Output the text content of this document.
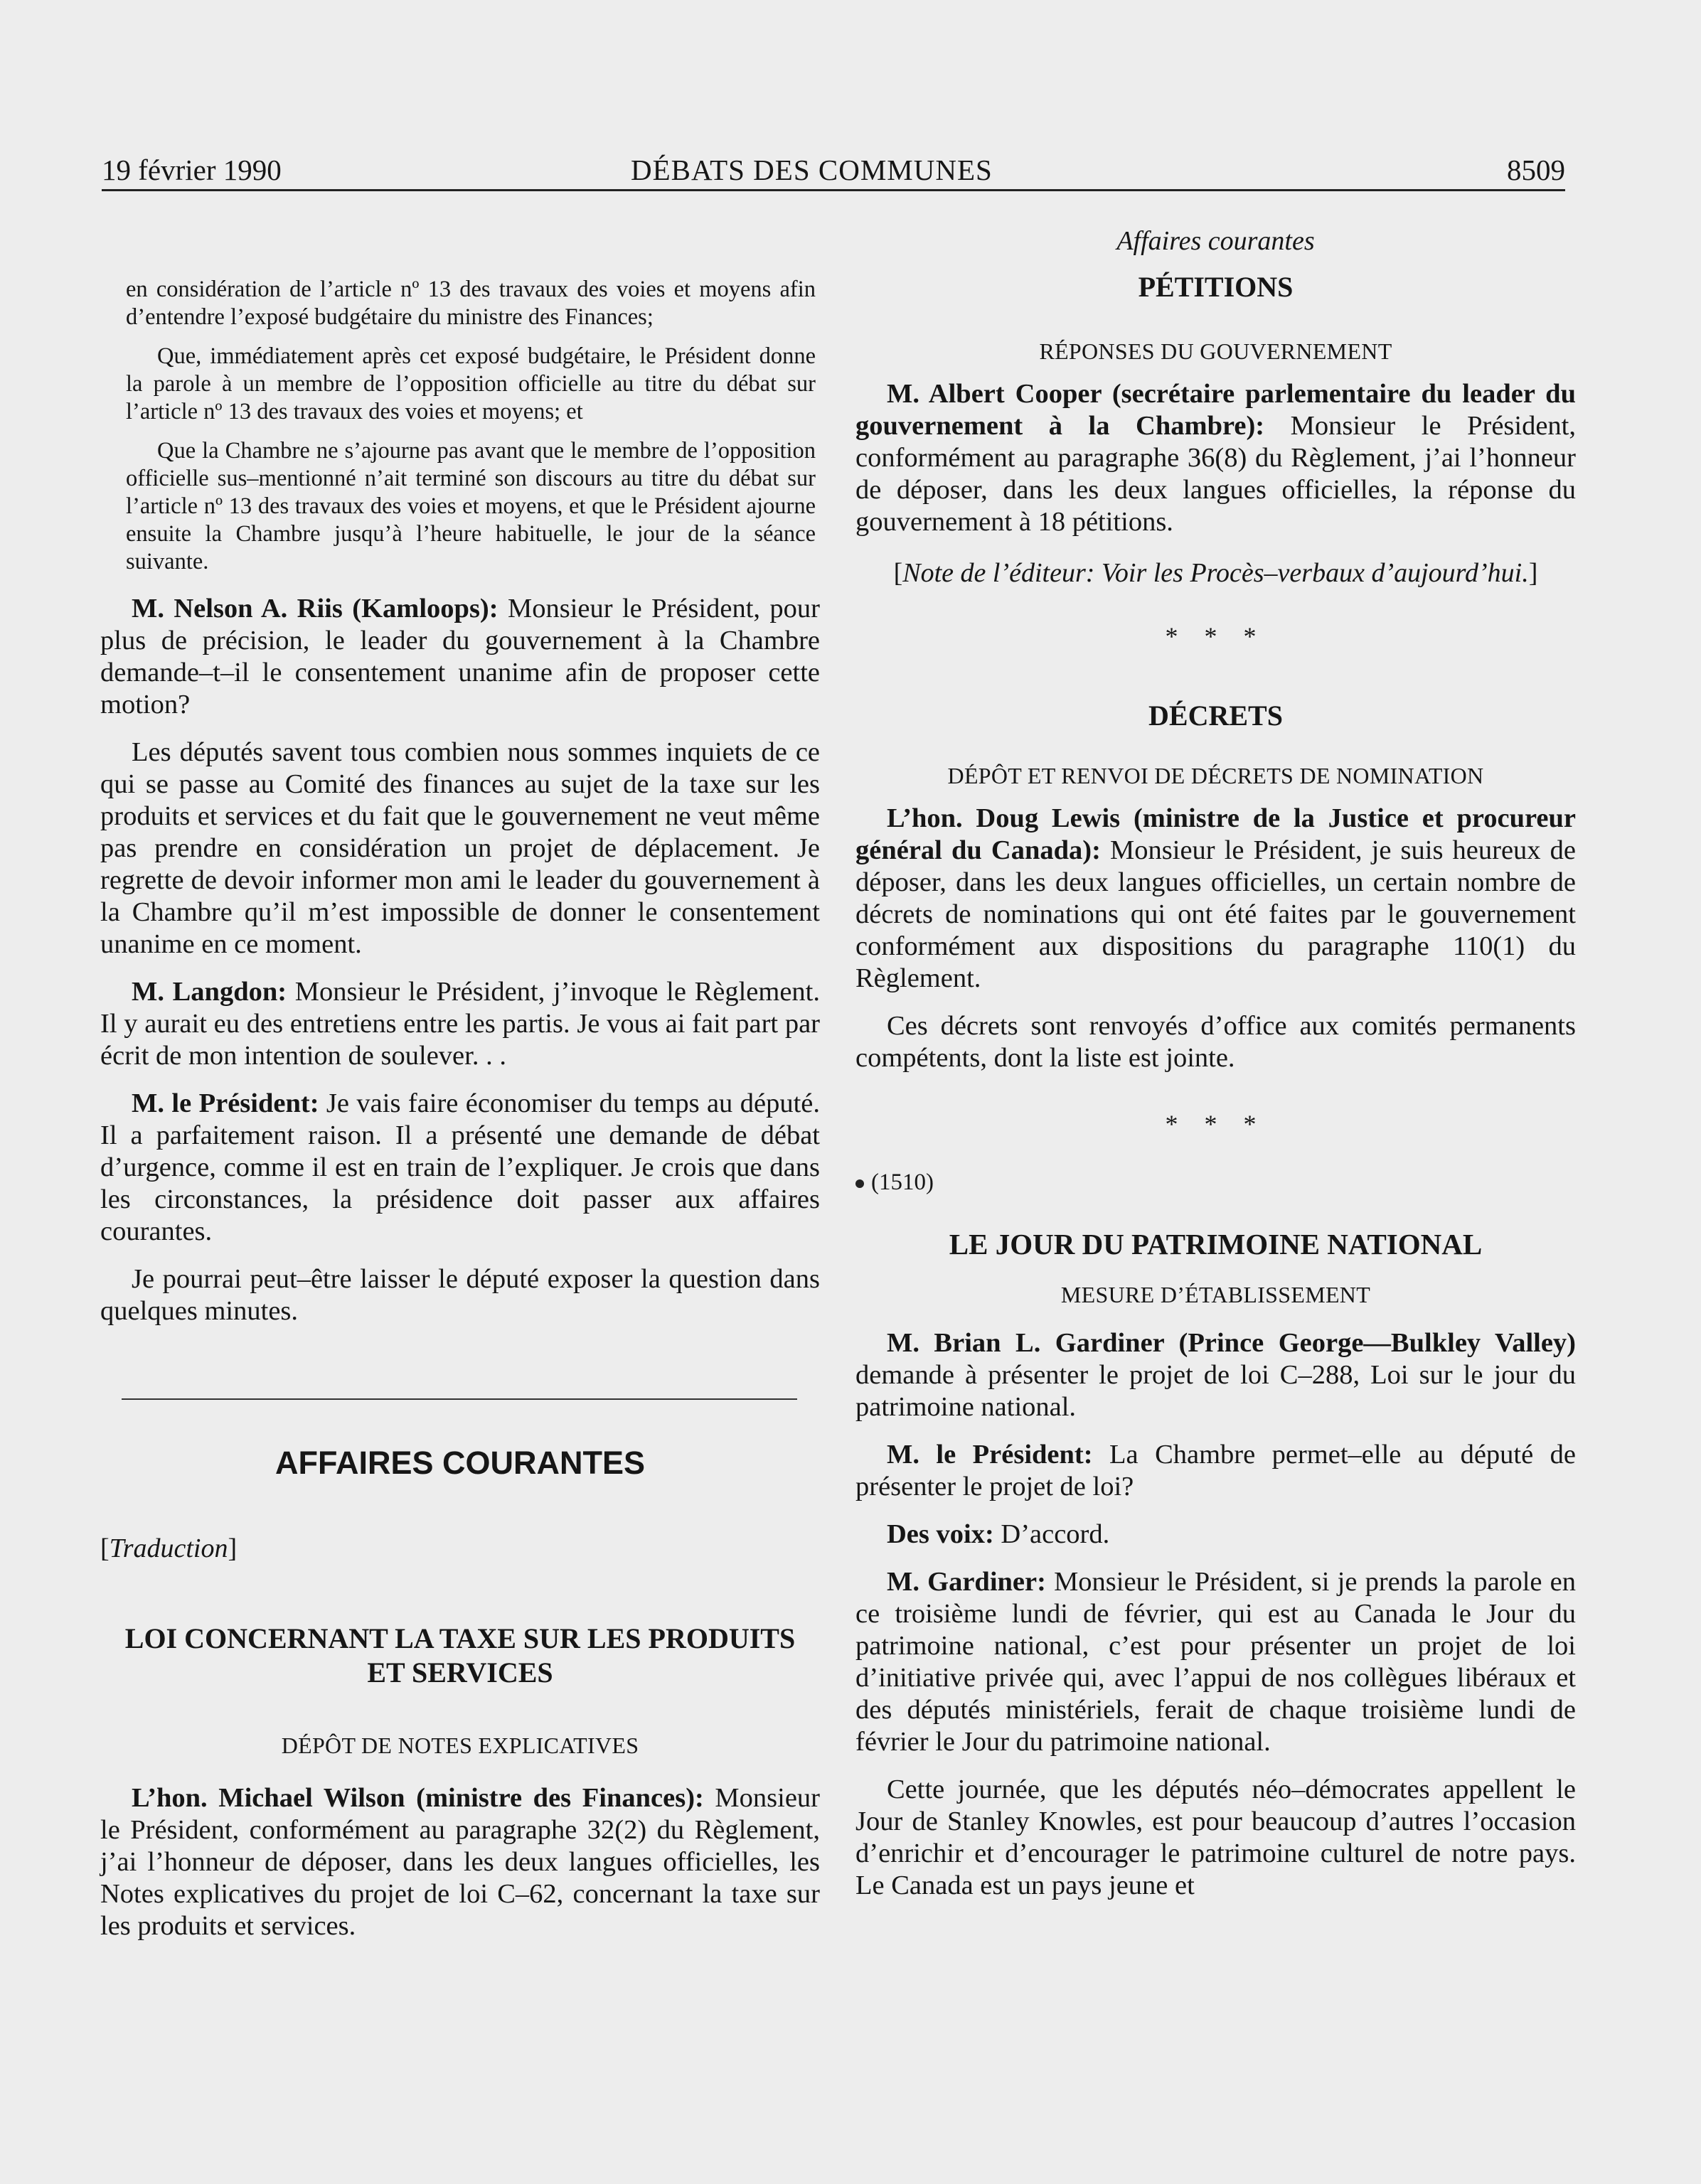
19 février 1990	DÉBATS DES COMMUNES	8509

en considération de l’article nº 13 des travaux des voies et moyens afin d’entendre l’exposé budgétaire du ministre des Finances;

Que, immédiatement après cet exposé budgétaire, le Président donne la parole à un membre de l’opposition officielle au titre du débat sur l’article nº 13 des travaux des voies et moyens; et

Que la Chambre ne s’ajourne pas avant que le membre de l’opposition officielle sus–mentionné n’ait terminé son discours au titre du débat sur l’article nº 13 des travaux des voies et moyens, et que le Président ajourne ensuite la Chambre jusqu’à l’heure habituelle, le jour de la séance suivante.

M. Nelson A. Riis (Kamloops): Monsieur le Président, pour plus de précision, le leader du gouvernement à la Chambre demande–t–il le consentement unanime afin de proposer cette motion?

Les députés savent tous combien nous sommes inquiets de ce qui se passe au Comité des finances au sujet de la taxe sur les produits et services et du fait que le gouvernement ne veut même pas prendre en considération un projet de déplacement. Je regrette de devoir informer mon ami le leader du gouvernement à la Chambre qu’il m’est impossible de donner le consentement unanime en ce moment.

M. Langdon: Monsieur le Président, j’invoque le Règlement. Il y aurait eu des entretiens entre les partis. Je vous ai fait part par écrit de mon intention de soulever. . .

M. le Président: Je vais faire économiser du temps au député. Il a parfaitement raison. Il a présenté une demande de débat d’urgence, comme il est en train de l’expliquer. Je crois que dans les circonstances, la présidence doit passer aux affaires courantes.

Je pourrai peut–être laisser le député exposer la question dans quelques minutes.

AFFAIRES COURANTES

[Traduction]

LOI CONCERNANT LA TAXE SUR LES PRODUITS ET SERVICES
DÉPÔT DE NOTES EXPLICATIVES

L’hon. Michael Wilson (ministre des Finances): Monsieur le Président, conformément au paragraphe 32(2) du Règlement, j’ai l’honneur de déposer, dans les deux langues officielles, les Notes explicatives du projet de loi C–62, concernant la taxe sur les produits et services.

Affaires courantes
PÉTITIONS
RÉPONSES DU GOUVERNEMENT

M. Albert Cooper (secrétaire parlementaire du leader du gouvernement à la Chambre): Monsieur le Président, conformément au paragraphe 36(8) du Règlement, j’ai l’honneur de déposer, dans les deux langues officielles, la réponse du gouvernement à 18 pétitions.

[Note de l’éditeur: Voir les Procès–verbaux d’aujourd’hui.]

* * *
DÉCRETS
DÉPÔT ET RENVOI DE DÉCRETS DE NOMINATION

L’hon. Doug Lewis (ministre de la Justice et procureur général du Canada): Monsieur le Président, je suis heureux de déposer, dans les deux langues officielles, un certain nombre de décrets de nominations qui ont été faites par le gouvernement conformément aux dispositions du paragraphe 110(1) du Règlement.

Ces décrets sont renvoyés d’office aux comités permanents compétents, dont la liste est jointe.

* * *

(1510)

LE JOUR DU PATRIMOINE NATIONAL
MESURE D’ÉTABLISSEMENT

M. Brian L. Gardiner (Prince George—Bulkley Valley) demande à présenter le projet de loi C–288, Loi sur le jour du patrimoine national.

M. le Président: La Chambre permet–elle au député de présenter le projet de loi?

Des voix: D’accord.

M. Gardiner: Monsieur le Président, si je prends la parole en ce troisième lundi de février, qui est au Canada le Jour du patrimoine national, c’est pour présenter un projet de loi d’initiative privée qui, avec l’appui de nos collègues libéraux et des députés ministériels, ferait de chaque troisième lundi de février le Jour du patrimoine national.

Cette journée, que les députés néo–démocrates appellent le Jour de Stanley Knowles, est pour beaucoup d’autres l’occasion d’enrichir et d’encourager le patrimoine culturel de notre pays. Le Canada est un pays jeune et
